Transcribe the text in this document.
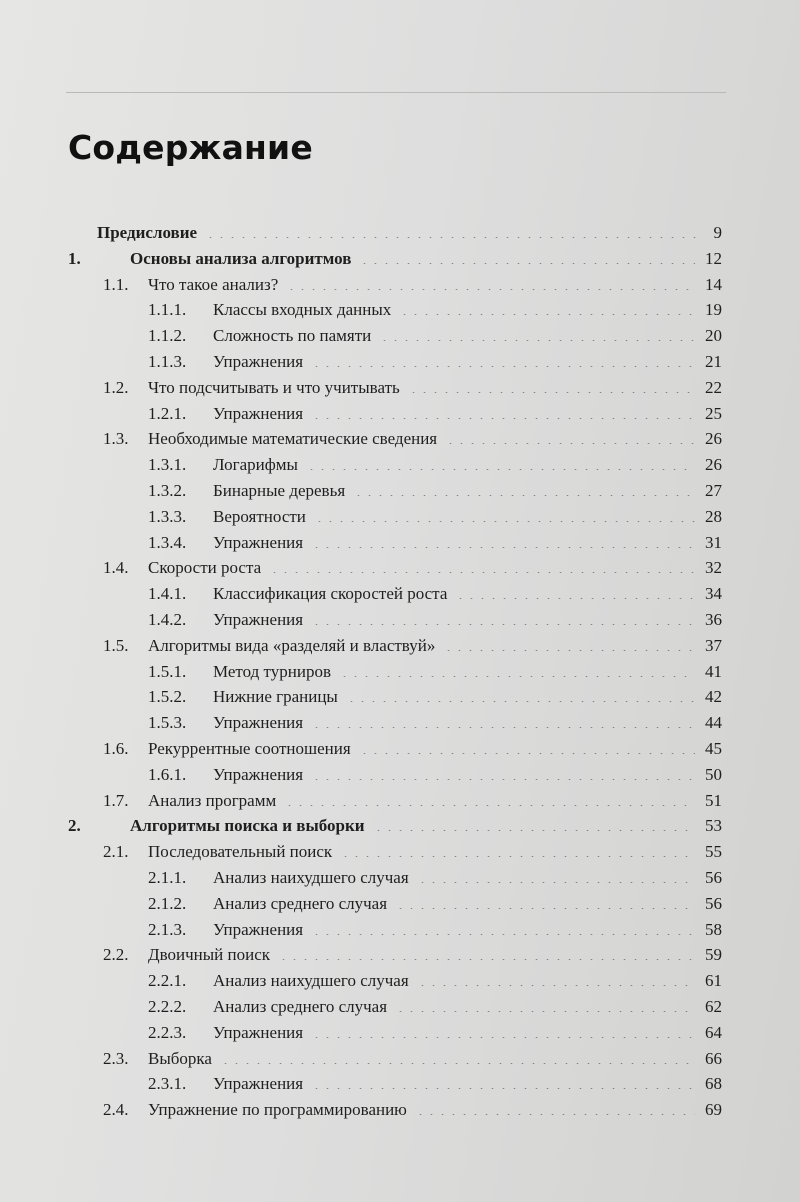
Содержание
Предисловие	9
1.	Основы анализа алгоритмов	12
1.1. Что такое анализ?	14
1.1.1. Классы входных данных	19
1.1.2. Сложность по памяти	20
1.1.3. Упражнения	21
1.2. Что подсчитывать и что учитывать	22
1.2.1. Упражнения	25
1.3. Необходимые математические сведения	26
1.3.1. Логарифмы	26
1.3.2. Бинарные деревья	27
1.3.3. Вероятности	28
1.3.4. Упражнения	31
1.4. Скорости роста	32
1.4.1. Классификация скоростей роста	34
1.4.2. Упражнения	36
1.5. Алгоритмы вида «разделяй и властвуй»	37
1.5.1. Метод турниров	41
1.5.2. Нижние границы	42
1.5.3. Упражнения	44
1.6. Рекуррентные соотношения	45
1.6.1. Упражнения	50
1.7. Анализ программ	51
2.	Алгоритмы поиска и выборки	53
2.1. Последовательный поиск	55
2.1.1. Анализ наихудшего случая	56
2.1.2. Анализ среднего случая	56
2.1.3. Упражнения	58
2.2. Двоичный поиск	59
2.2.1. Анализ наихудшего случая	61
2.2.2. Анализ среднего случая	62
2.2.3. Упражнения	64
2.3. Выборка	66
2.3.1. Упражнения	68
2.4. Упражнение по программированию	69
